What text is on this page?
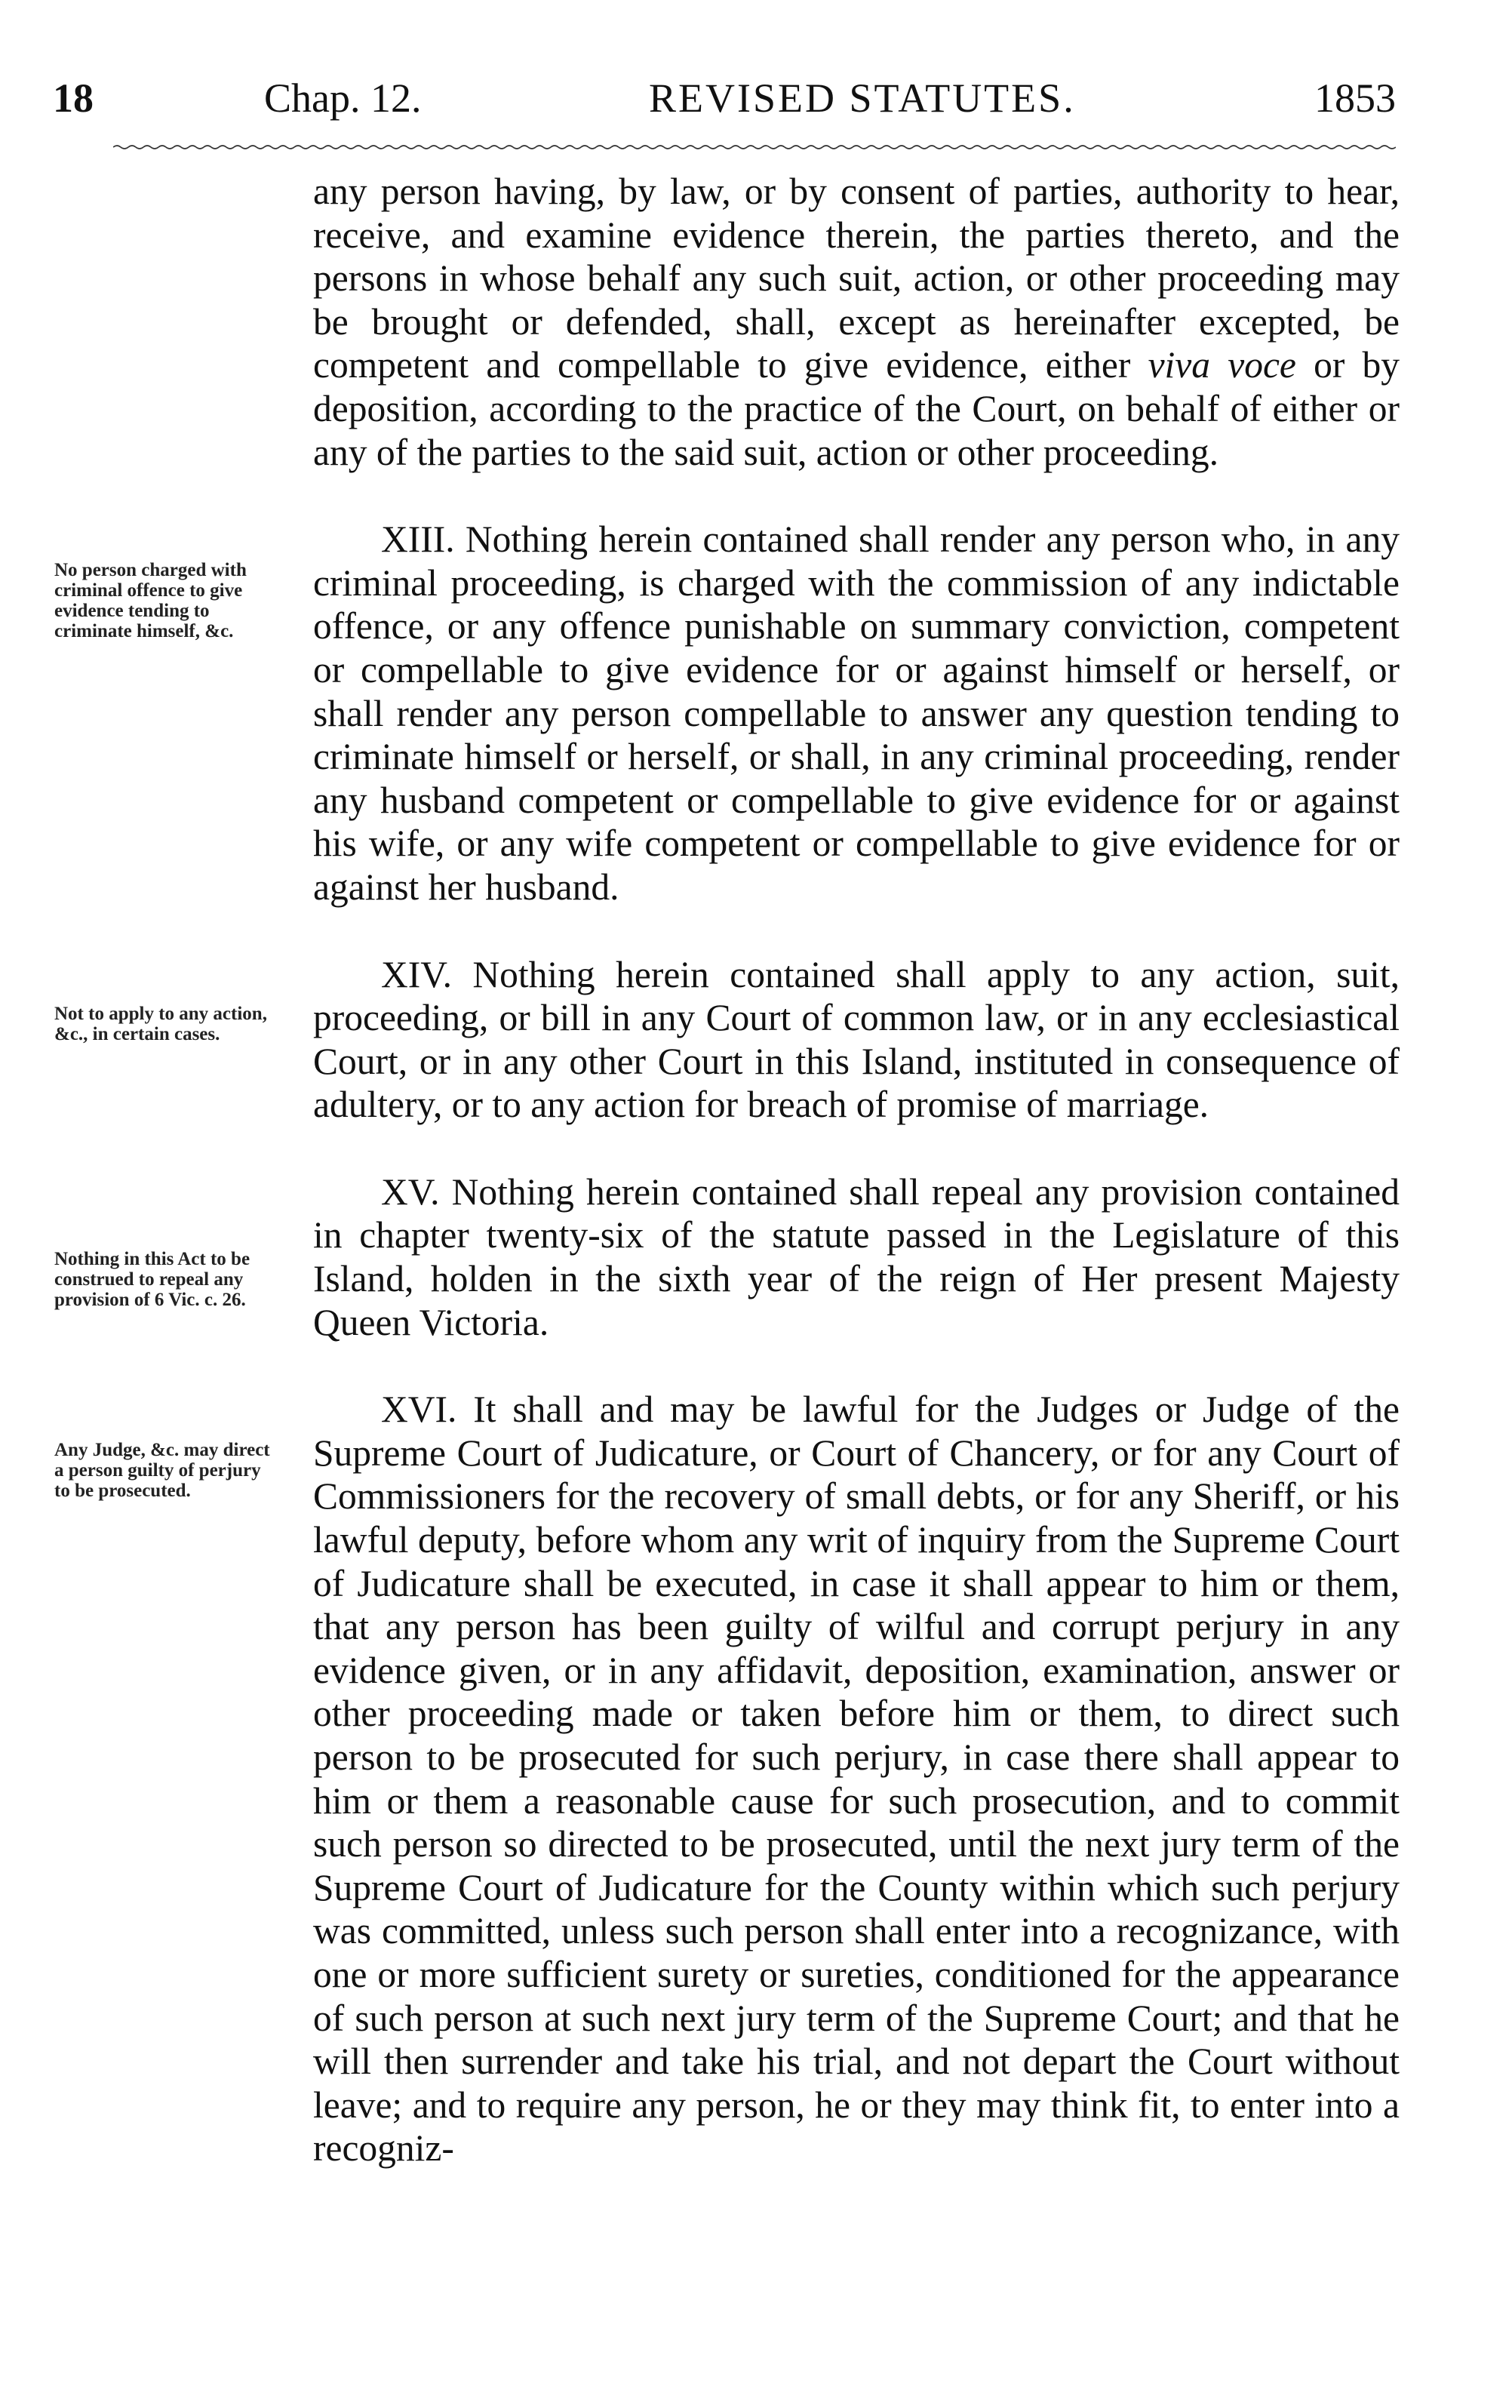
18	Chap. 12.	REVISED STATUTES.	1853
No person charged with criminal offence to give evidence tending to criminate himself, &c.
Not to apply to any action, &c., in certain cases.
Nothing in this Act to be construed to repeal any provision of 6 Vic. c. 26.
Any Judge, &c. may direct a person guilty of perjury to be prosecuted.

any person having, by law, or by consent of parties, authority to hear, receive, and examine evidence therein, the parties thereto, and the persons in whose behalf any such suit, action, or other proceeding may be brought or defended, shall, except as hereinafter excepted, be competent and compellable to give evidence, either viva voce or by deposition, according to the practice of the Court, on behalf of either or any of the parties to the said suit, action or other proceeding.

XIII. Nothing herein contained shall render any person who, in any criminal proceeding, is charged with the commission of any indictable offence, or any offence punishable on summary conviction, competent or compellable to give evidence for or against himself or herself, or shall render any person compellable to answer any question tending to criminate himself or herself, or shall, in any criminal proceeding, render any husband competent or compellable to give evidence for or against his wife, or any wife competent or compellable to give evidence for or against her husband.

XIV. Nothing herein contained shall apply to any action, suit, proceeding, or bill in any Court of common law, or in any ecclesiastical Court, or in any other Court in this Island, instituted in consequence of adultery, or to any action for breach of promise of marriage.

XV. Nothing herein contained shall repeal any provision contained in chapter twenty-six of the statute passed in the Legislature of this Island, holden in the sixth year of the reign of Her present Majesty Queen Victoria.

XVI. It shall and may be lawful for the Judges or Judge of the Supreme Court of Judicature, or Court of Chancery, or for any Court of Commissioners for the recovery of small debts, or for any Sheriff, or his lawful deputy, before whom any writ of inquiry from the Supreme Court of Judicature shall be executed, in case it shall appear to him or them, that any person has been guilty of wilful and corrupt perjury in any evidence given, or in any affidavit, deposition, examination, answer or other proceeding made or taken before him or them, to direct such person to be prosecuted for such perjury, in case there shall appear to him or them a reasonable cause for such prosecution, and to commit such person so directed to be prosecuted, until the next jury term of the Supreme Court of Judicature for the County within which such perjury was committed, unless such person shall enter into a recognizance, with one or more sufficient surety or sureties, conditioned for the appearance of such person at such next jury term of the Supreme Court; and that he will then surrender and take his trial, and not depart the Court without leave; and to require any person, he or they may think fit, to enter into a recogniz-
